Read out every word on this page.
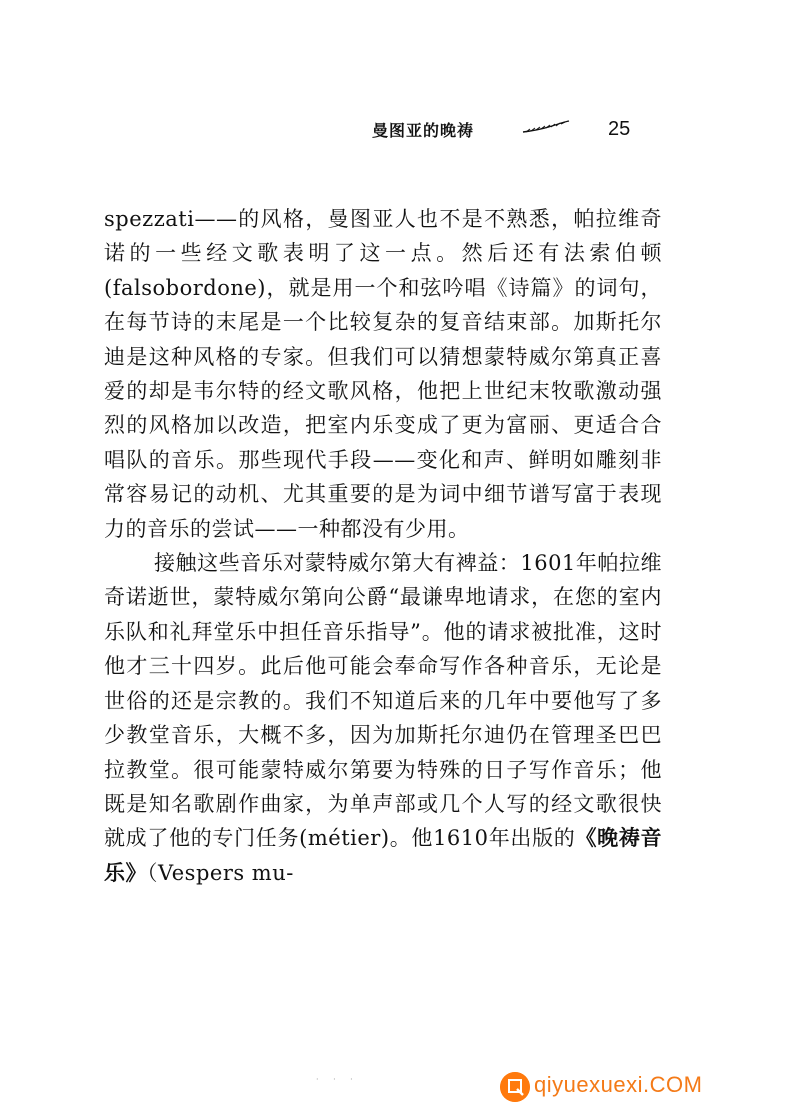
曼图亚的晚祷	25

spezzati——的风格，曼图亚人也不是不熟悉，帕拉维奇诺的一些经文歌表明了这一点。然后还有法索伯顿(falsobordone)，就是用一个和弦吟唱《诗篇》的词句，在每节诗的末尾是一个比较复杂的复音结束部。加斯托尔迪是这种风格的专家。但我们可以猜想蒙特威尔第真正喜爱的却是韦尔特的经文歌风格，他把上世纪末牧歌激动强烈的风格加以改造，把室内乐变成了更为富丽、更适合合唱队的音乐。那些现代手段——变化和声、鲜明如雕刻非常容易记的动机、尤其重要的是为词中细节谱写富于表现力的音乐的尝试——一种都没有少用。

接触这些音乐对蒙特威尔第大有裨益：1601年帕拉维奇诺逝世，蒙特威尔第向公爵“最谦卑地请求，在您的室内乐队和礼拜堂乐中担任音乐指导”。他的请求被批准，这时他才三十四岁。此后他可能会奉命写作各种音乐，无论是世俗的还是宗教的。我们不知道后来的几年中要他写了多少教堂音乐，大概不多，因为加斯托尔迪仍在管理圣巴巴拉教堂。很可能蒙特威尔第要为特殊的日子写作音乐；他既是知名歌剧作曲家，为单声部或几个人写的经文歌很快就成了他的专门任务(métier)。他1610年出版的《晚祷音乐》（Vespers mu-

· · ·	qiyuexuexi.COM
